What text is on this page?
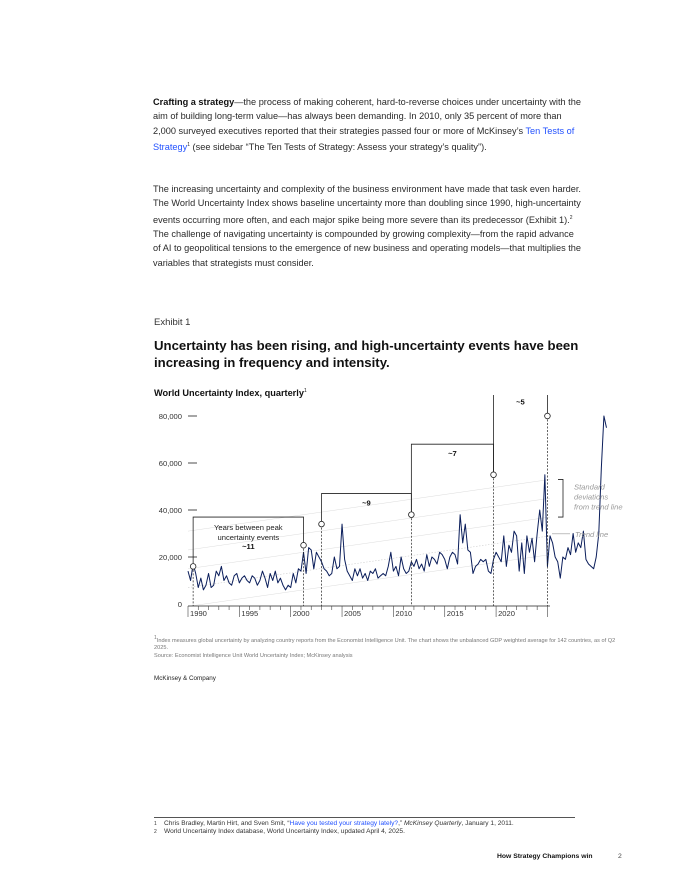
Crafting a strategy—the process of making coherent, hard-to-reverse choices under uncertainty with the aim of building long-term value—has always been demanding. In 2010, only 35 percent of more than 2,000 surveyed executives reported that their strategies passed four or more of McKinsey’s Ten Tests of Strategy$^1$ (see sidebar “The Ten Tests of Strategy: Assess your strategy’s quality”).
The increasing uncertainty and complexity of the business environment have made that task even harder. The World Uncertainty Index shows baseline uncertainty more than doubling since 1990, high-uncertainty events occurring more often, and each major spike being more severe than its predecessor (Exhibit 1).$^2$ The challenge of navigating uncertainty is compounded by growing complexity—from the rapid advance of AI to geopolitical tensions to the emergence of new business and operating models—that multiplies the variables that strategists must consider.
Exhibit 1
Uncertainty has been rising, and high-uncertainty events have been increasing in frequency and intensity.
World Uncertainty Index, quarterly$^1$
0
20,000
40,000
60,000
80,000
1990	1995	2000	2005	2010	2015	2020
~11
~9
~7
~5
Years between peak uncertainty events
Standard deviations from trend line
Trend line
1Index measures global uncertainty by analyzing country reports from the Economist Intelligence Unit. The chart shows the unbalanced GDP weighted average for 142 countries, as of Q2 2025.
Source: Economist Intelligence Unit World Uncertainty Index; McKinsey analysis
McKinsey & Company
1 Chris Bradley, Martin Hirt, and Sven Smit, “Have you tested your strategy lately?,” McKinsey Quarterly, January 1, 2011.
2 World Uncertainty Index database, World Uncertainty Index, updated April 4, 2025.
How Strategy Champions win	2
